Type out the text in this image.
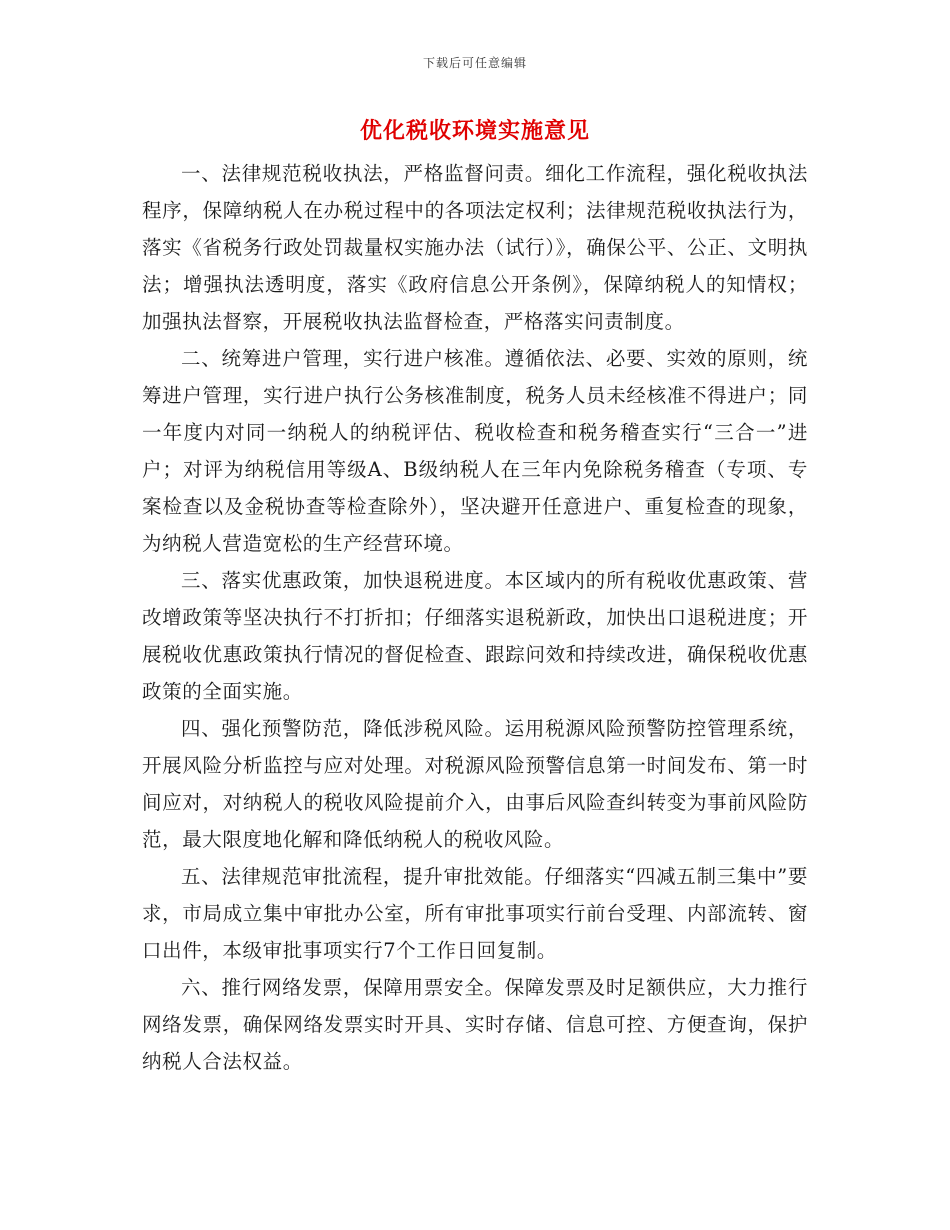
下载后可任意编辑
优化税收环境实施意见

一、法律规范税收执法，严格监督问责。细化工作流程，强化税收执法程序，保障纳税人在办税过程中的各项法定权利；法律规范税收执法行为，落实《省税务行政处罚裁量权实施办法（试行）》，确保公平、公正、文明执法；增强执法透明度，落实《政府信息公开条例》，保障纳税人的知情权；加强执法督察，开展税收执法监督检查，严格落实问责制度。

二、统筹进户管理，实行进户核准。遵循依法、必要、实效的原则，统筹进户管理，实行进户执行公务核准制度，税务人员未经核准不得进户；同一年度内对同一纳税人的纳税评估、税收检查和税务稽查实行“三合一”进户；对评为纳税信用等级A、B级纳税人在三年内免除税务稽查（专项、专案检查以及金税协查等检查除外），坚决避开任意进户、重复检查的现象，为纳税人营造宽松的生产经营环境。

三、落实优惠政策，加快退税进度。本区域内的所有税收优惠政策、营改增政策等坚决执行不打折扣；仔细落实退税新政，加快出口退税进度；开展税收优惠政策执行情况的督促检查、跟踪问效和持续改进，确保税收优惠政策的全面实施。

四、强化预警防范，降低涉税风险。运用税源风险预警防控管理系统，开展风险分析监控与应对处理。对税源风险预警信息第一时间发布、第一时间应对，对纳税人的税收风险提前介入，由事后风险查纠转变为事前风险防范，最大限度地化解和降低纳税人的税收风险。

五、法律规范审批流程，提升审批效能。仔细落实“四减五制三集中”要求，市局成立集中审批办公室，所有审批事项实行前台受理、内部流转、窗口出件，本级审批事项实行7个工作日回复制。

六、推行网络发票，保障用票安全。保障发票及时足额供应，大力推行网络发票，确保网络发票实时开具、实时存储、信息可控、方便查询，保护纳税人合法权益。
